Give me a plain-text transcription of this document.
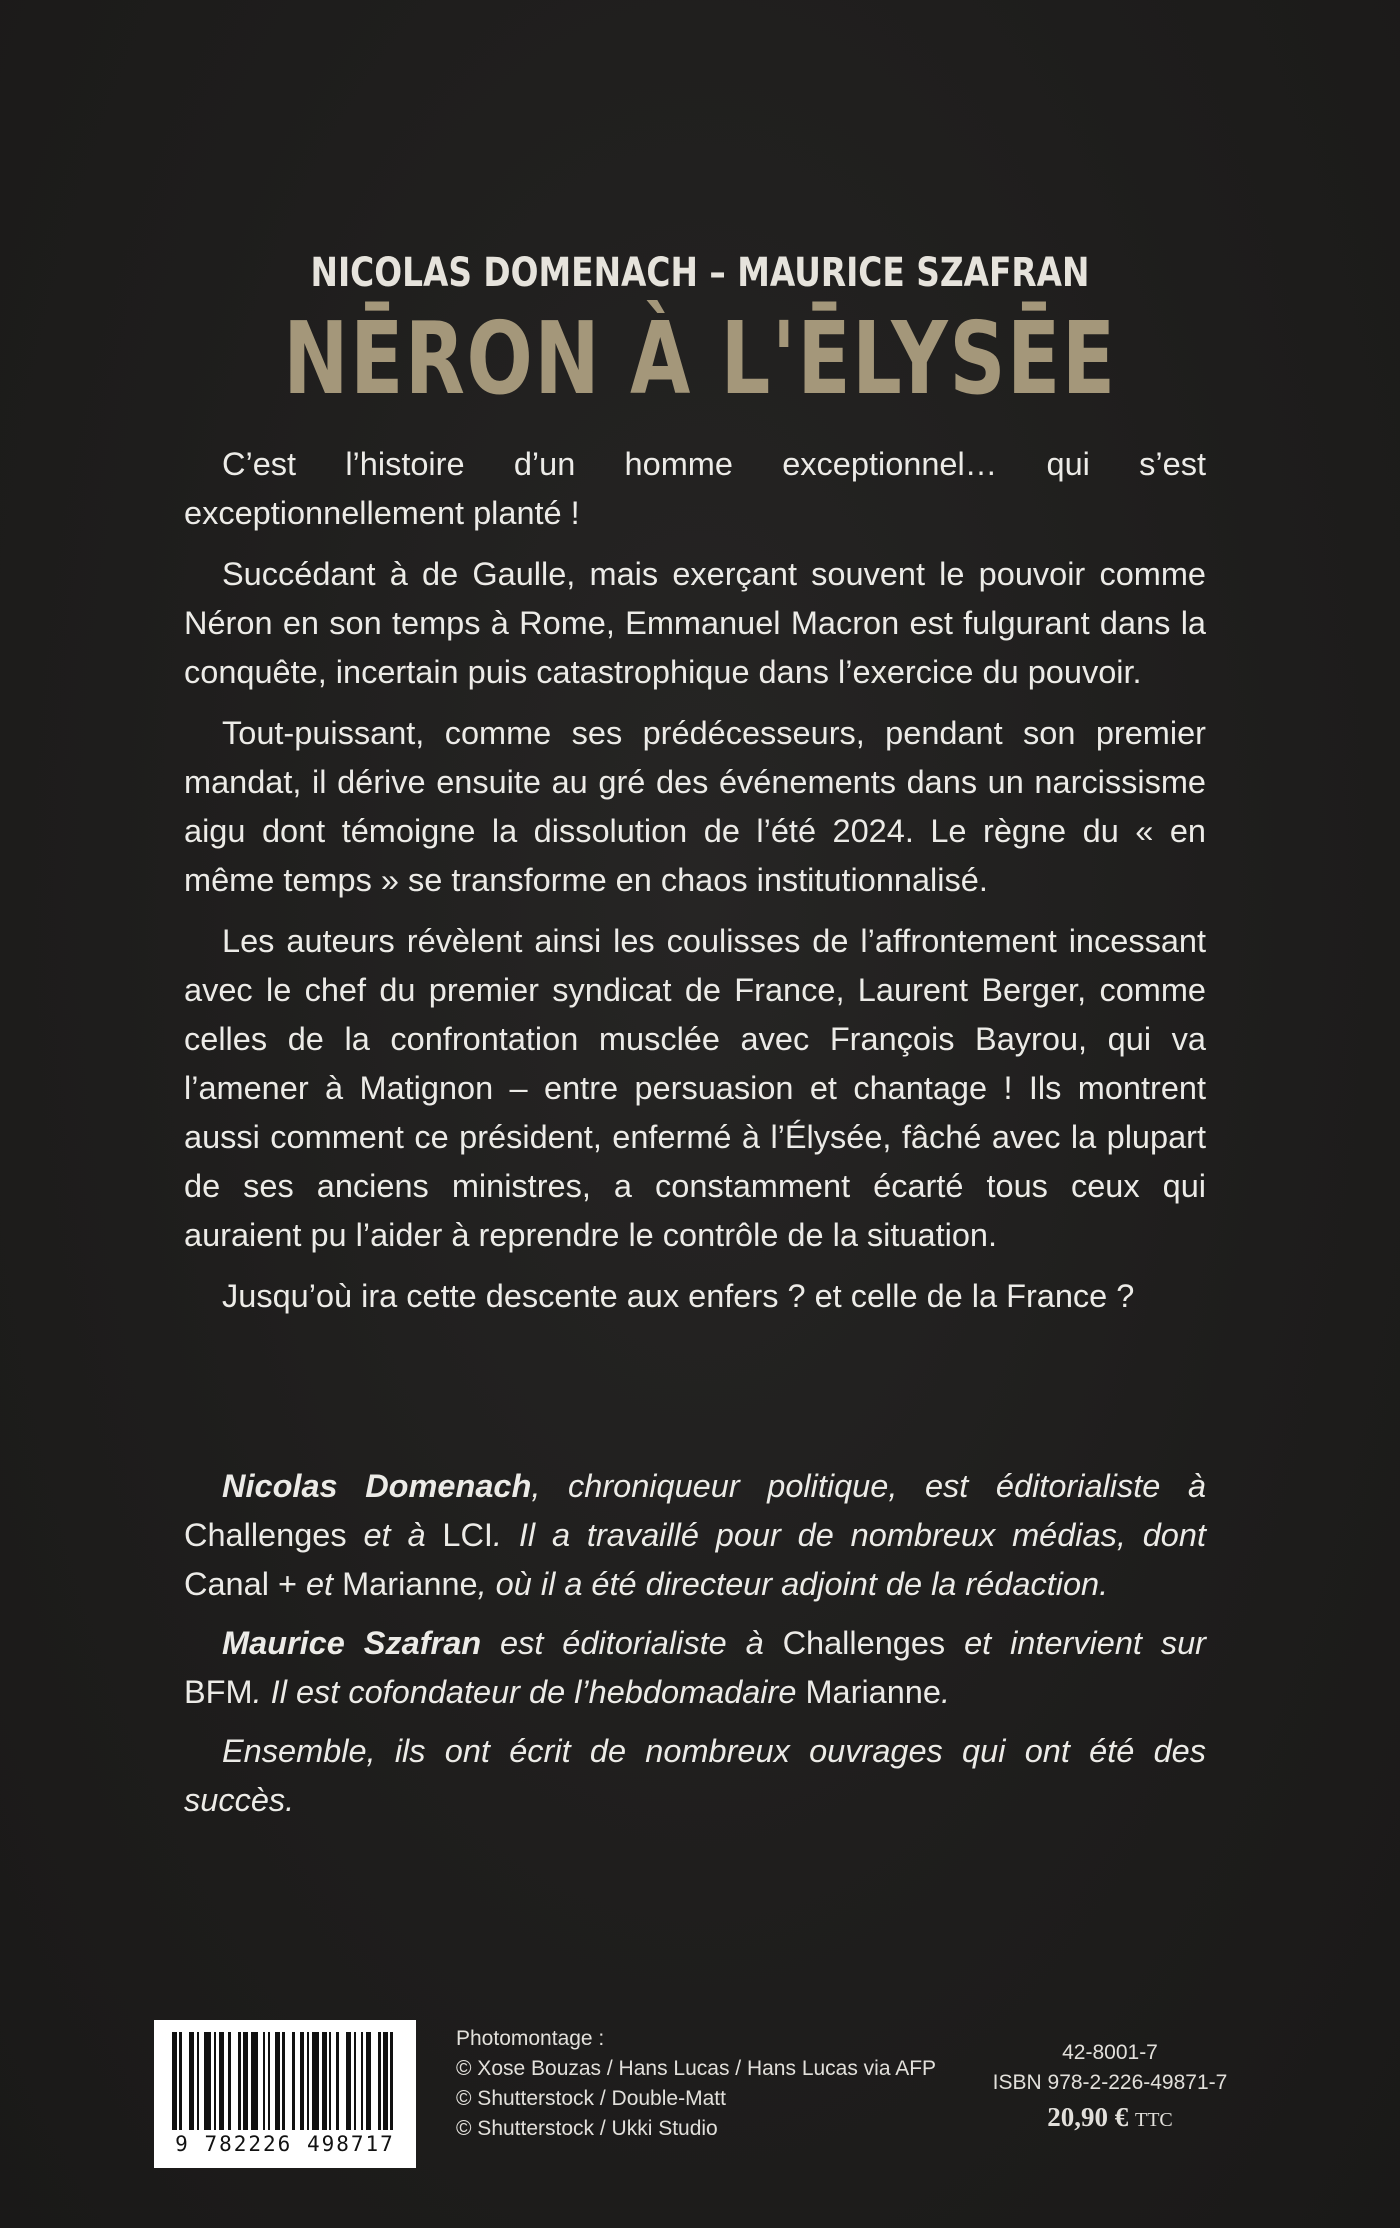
NICOLAS DOMENACH – MAURICE SZAFRAN
NĒRON À L'ĒLYSĒE

C’est l’histoire d’un homme exceptionnel… qui s’est exceptionnellement planté !

Succédant à de Gaulle, mais exerçant souvent le pouvoir comme Néron en son temps à Rome, Emmanuel Macron est fulgurant dans la conquête, incertain puis catastrophique dans l’exercice du pouvoir.

Tout-puissant, comme ses prédécesseurs, pendant son premier mandat, il dérive ensuite au gré des événements dans un narcissisme aigu dont témoigne la dissolution de l’été 2024. Le règne du « en même temps » se transforme en chaos institutionnalisé.

Les auteurs révèlent ainsi les coulisses de l’affrontement incessant avec le chef du premier syndicat de France, Laurent Berger, comme celles de la confrontation musclée avec François Bayrou, qui va l’amener à Matignon – entre persuasion et chantage ! Ils montrent aussi comment ce président, enfermé à l’Élysée, fâché avec la plupart de ses anciens ministres, a constamment écarté tous ceux qui auraient pu l’aider à reprendre le contrôle de la situation.

Jusqu’où ira cette descente aux enfers ? et celle de la France ?

Nicolas Domenach, chroniqueur politique, est éditorialiste à Challenges et à LCI. Il a travaillé pour de nombreux médias, dont Canal + et Marianne, où il a été directeur adjoint de la rédaction.

Maurice Szafran est éditorialiste à Challenges et intervient sur BFM. Il est cofondateur de l’hebdomadaire Marianne.

Ensemble, ils ont écrit de nombreux ouvrages qui ont été des succès.

9 782226 498717
Photomontage :
© Xose Bouzas / Hans Lucas / Hans Lucas via AFP
© Shutterstock / Double-Matt
© Shutterstock / Ukki Studio
42-8001-7
ISBN 978-2-226-49871-7
20,90 € TTC
